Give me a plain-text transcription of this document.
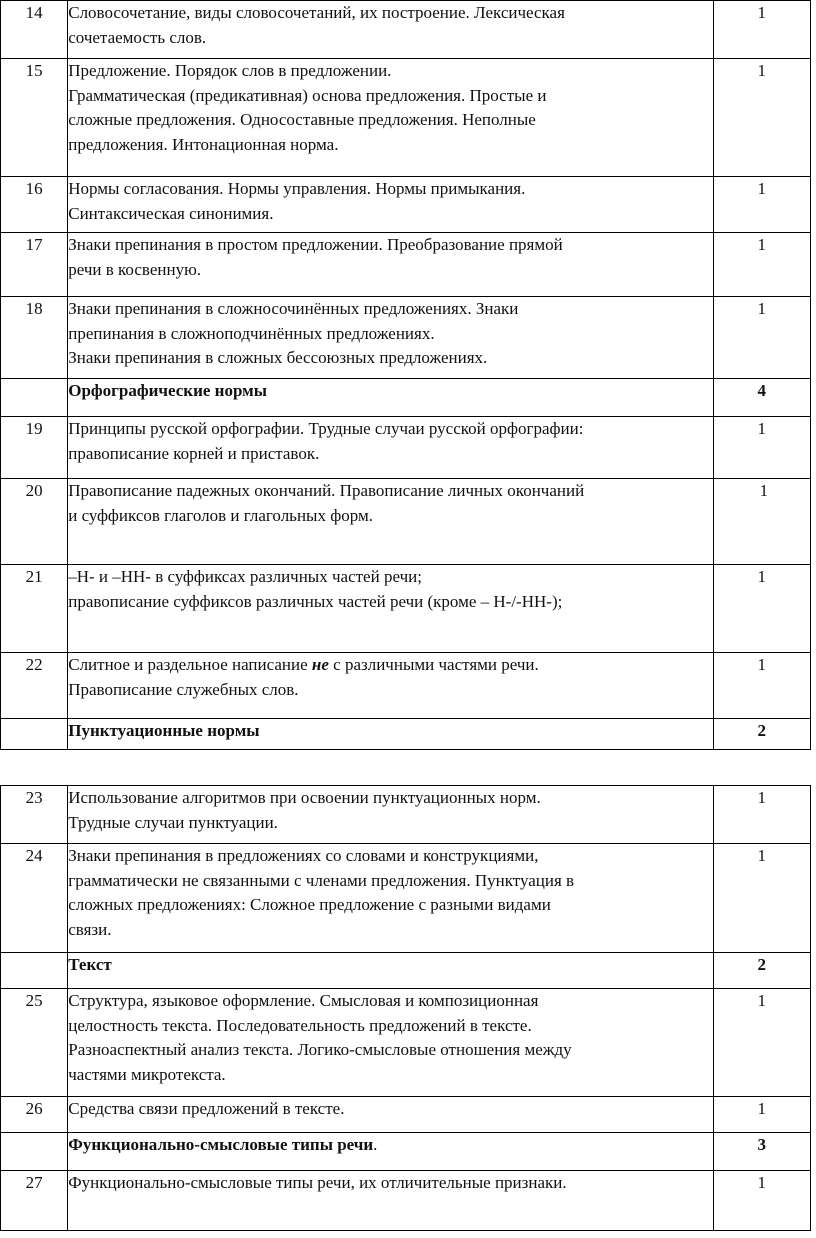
14	Словосочетание, виды словосочетаний, их построение. Лексическая
сочетаемость слов.	1
15	Предложение. Порядок слов в предложении.
Грамматическая (предикативная) основа предложения. Простые и
сложные предложения. Односоставные предложения. Неполные
предложения. Интонационная норма.	1
16	Нормы согласования. Нормы управления. Нормы примыкания.
Синтаксическая синонимия.	1
17	Знаки препинания в простом предложении. Преобразование прямой
речи в косвенную.	1
18	Знаки препинания в сложносочинённых предложениях. Знаки
препинания в сложноподчинённых предложениях.
Знаки препинания в сложных бессоюзных предложениях.	1
	Орфографические нормы	4
19	Принципы русской орфографии. Трудные случаи русской орфографии:
правописание корней и приставок.	1
20	Правописание падежных окончаний. Правописание личных окончаний
и суффиксов глаголов и глагольных форм.	1
21	–Н- и –НН- в суффиксах различных частей речи;
правописание суффиксов различных частей речи (кроме – Н-/-НН-);	1
22	Слитное и раздельное написание не с различными частями речи.
Правописание служебных слов.	1
	Пунктуационные нормы	2
23	Использование алгоритмов при освоении пунктуационных норм.
Трудные случаи пунктуации.	1
24	Знаки препинания в предложениях со словами и конструкциями,
грамматически не связанными с членами предложения. Пунктуация в
сложных предложениях: Сложное предложение с разными видами
связи.	1
	Текст	2
25	Структура, языковое оформление. Смысловая и композиционная
целостность текста. Последовательность предложений в тексте.
Разноаспектный анализ текста. Логико-смысловые отношения между
частями микротекста.	1
26	Средства связи предложений в тексте.	1
	Функционально-смысловые типы речи.	3
27	Функционально-смысловые типы речи, их отличительные признаки.	1
